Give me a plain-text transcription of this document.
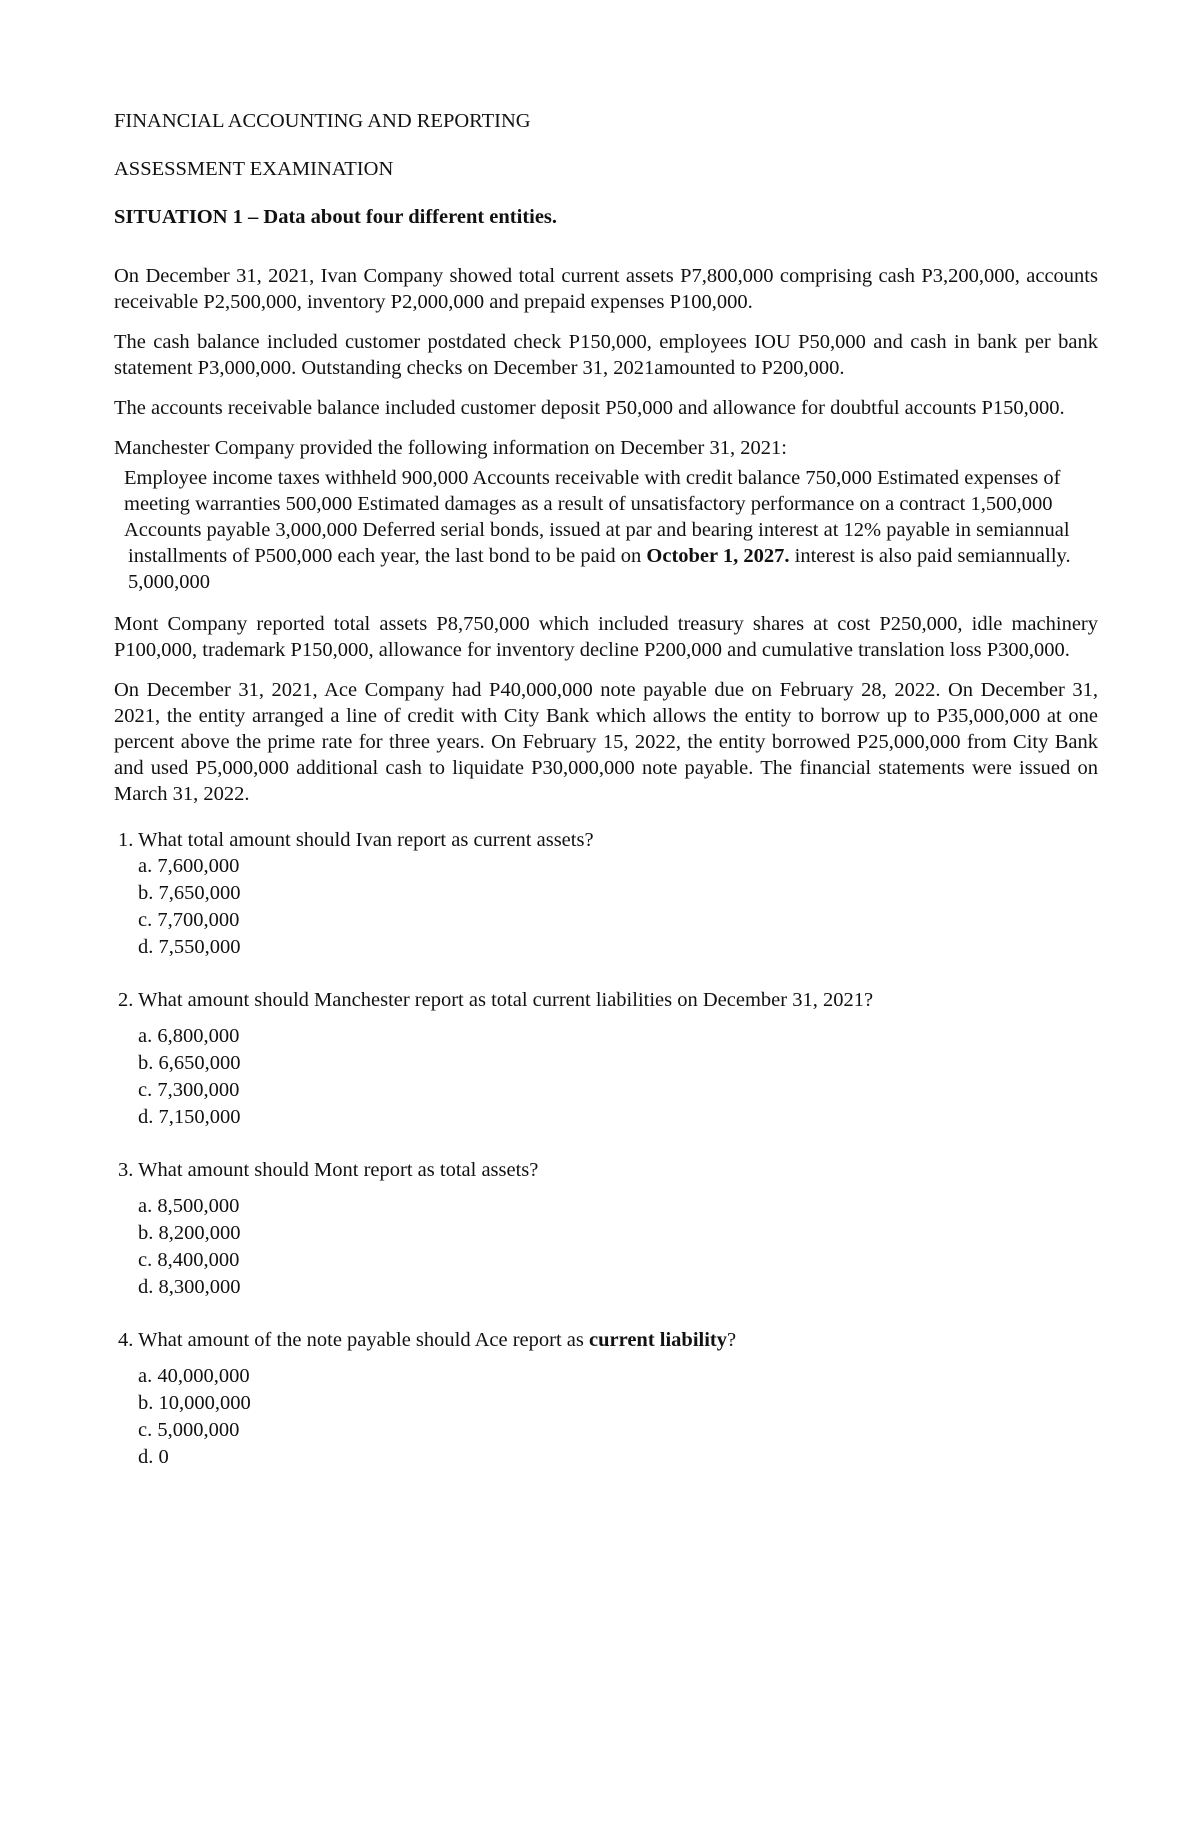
FINANCIAL ACCOUNTING AND REPORTING
ASSESSMENT EXAMINATION
SITUATION 1 – Data about four different entities.

On December 31, 2021, Ivan Company showed total current assets P7,800,000 comprising cash P3,200,000, accounts receivable P2,500,000, inventory P2,000,000 and prepaid expenses P100,000.

The cash balance included customer postdated check P150,000, employees IOU P50,000 and cash in bank per bank statement P3,000,000. Outstanding checks on December 31, 2021amounted to P200,000.

The accounts receivable balance included customer deposit P50,000 and allowance for doubtful accounts P150,000.

Manchester Company provided the following information on December 31, 2021:

Employee income taxes withheld 900,000 Accounts receivable with credit balance 750,000 Estimated expenses of meeting warranties 500,000 Estimated damages as a result of unsatisfactory performance on a contract 1,500,000 Accounts payable 3,000,000 Deferred serial bonds, issued at par and bearing interest at 12% payable in semiannual
installments of P500,000 each year, the last bond to be paid on October 1, 2027. interest is also paid semiannually. 5,000,000

Mont Company reported total assets P8,750,000 which included treasury shares at cost P250,000, idle machinery P100,000, trademark P150,000, allowance for inventory decline P200,000 and cumulative translation loss P300,000.

On December 31, 2021, Ace Company had P40,000,000 note payable due on February 28, 2022. On December 31, 2021, the entity arranged a line of credit with City Bank which allows the entity to borrow up to P35,000,000 at one percent above the prime rate for three years. On February 15, 2022, the entity borrowed P25,000,000 from City Bank and used P5,000,000 additional cash to liquidate P30,000,000 note payable. The financial statements were issued on March 31, 2022.

1. What total amount should Ivan report as current assets?
a. 7,600,000
b. 7,650,000
c. 7,700,000
d. 7,550,000
2. What amount should Manchester report as total current liabilities on December 31, 2021?
a. 6,800,000
b. 6,650,000
c. 7,300,000
d. 7,150,000
3. What amount should Mont report as total assets?
a. 8,500,000
b. 8,200,000
c. 8,400,000
d. 8,300,000
4. What amount of the note payable should Ace report as current liability?
a. 40,000,000
b. 10,000,000
c. 5,000,000
d. 0
